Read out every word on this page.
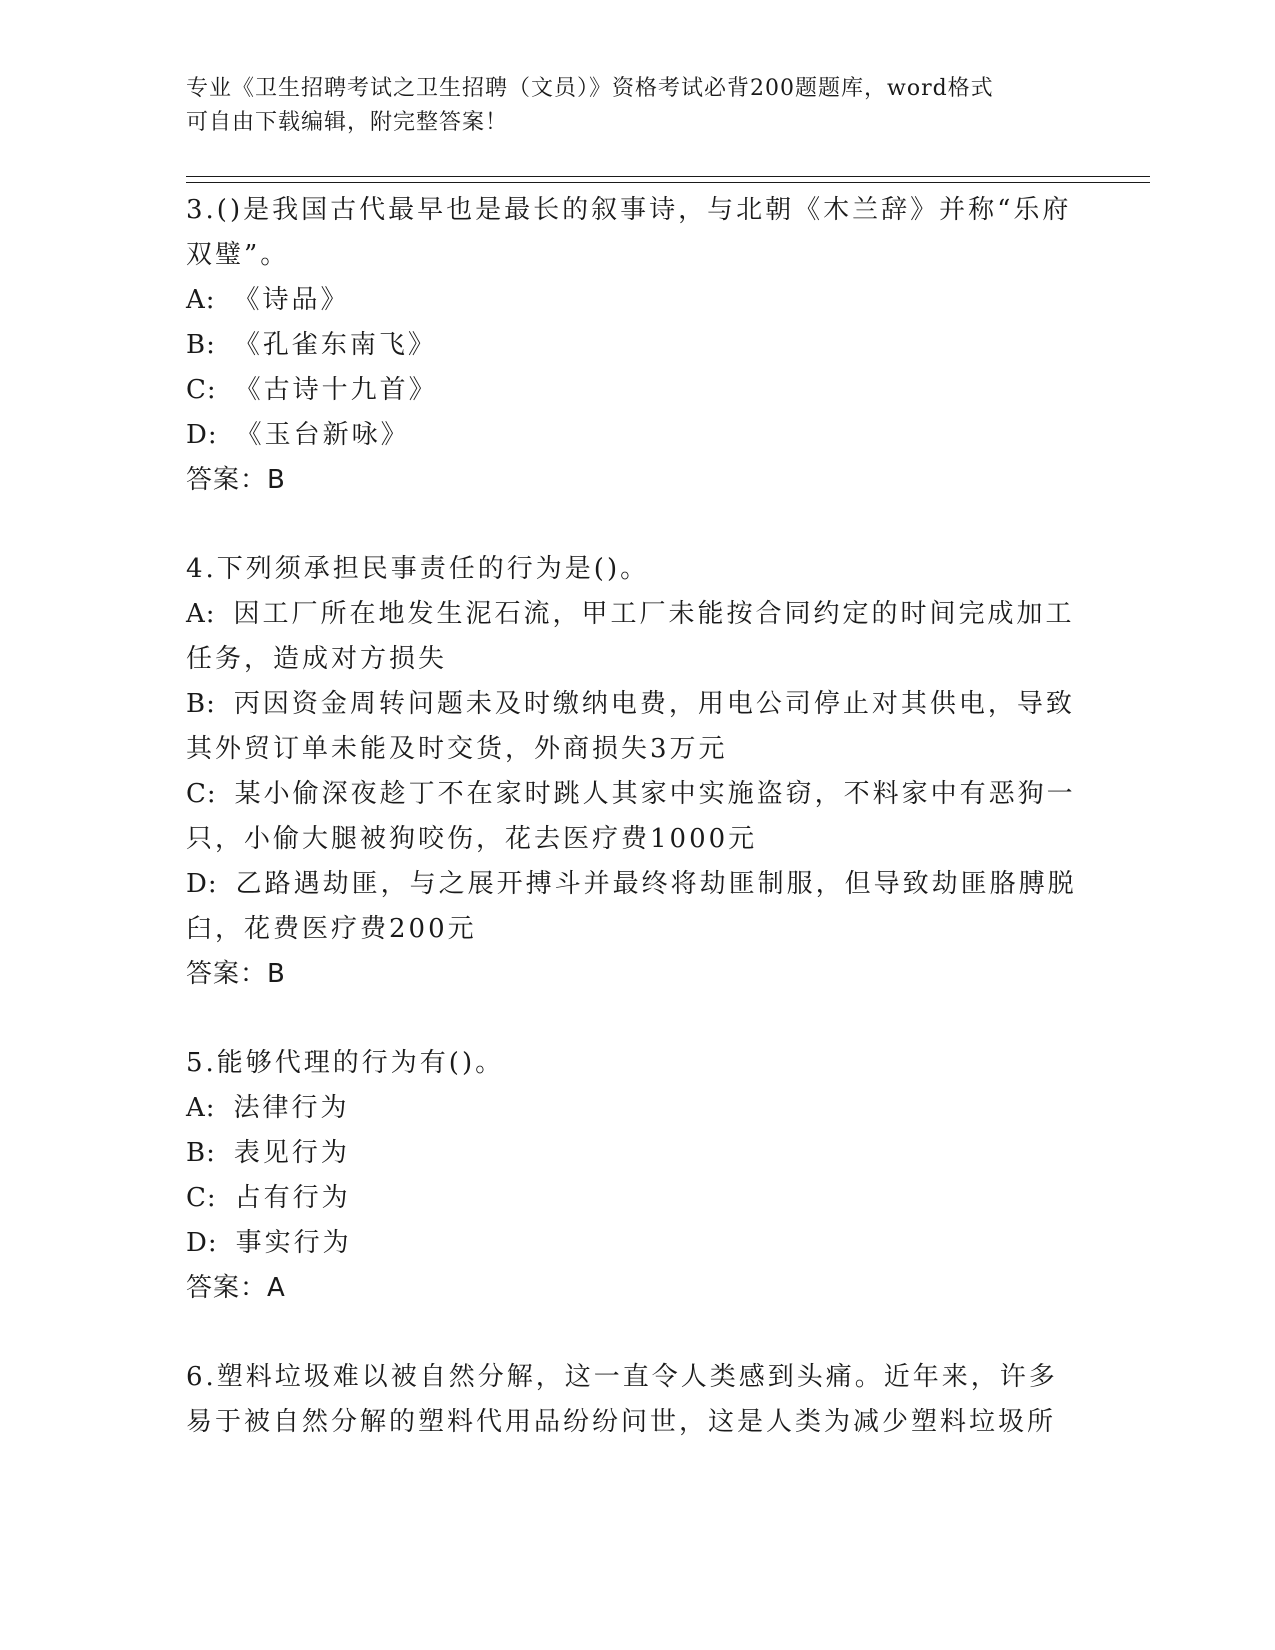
专业《卫生招聘考试之卫生招聘（文员）》资格考试必背200题题库，word格式
可自由下载编辑，附完整答案！

3.()是我国古代最早也是最长的叙事诗，与北朝《木兰辞》并称“乐府双璧”。

A: 《诗品》

B: 《孔雀东南飞》

C: 《古诗十九首》

D: 《玉台新咏》

答案：B

4.下列须承担民事责任的行为是()。

A: 因工厂所在地发生泥石流，甲工厂未能按合同约定的时间完成加工任务，造成对方损失

B: 丙因资金周转问题未及时缴纳电费，用电公司停止对其供电，导致其外贸订单未能及时交货，外商损失3万元

C: 某小偷深夜趁丁不在家时跳人其家中实施盗窃，不料家中有恶狗一只，小偷大腿被狗咬伤，花去医疗费1000元

D: 乙路遇劫匪，与之展开搏斗并最终将劫匪制服，但导致劫匪胳膊脱臼，花费医疗费200元

答案：B

5.能够代理的行为有()。

A: 法律行为

B: 表见行为

C: 占有行为

D: 事实行为

答案：A

6.塑料垃圾难以被自然分解，这一直令人类感到头痛。近年来，许多易于被自然分解的塑料代用品纷纷问世，这是人类为减少塑料垃圾所
